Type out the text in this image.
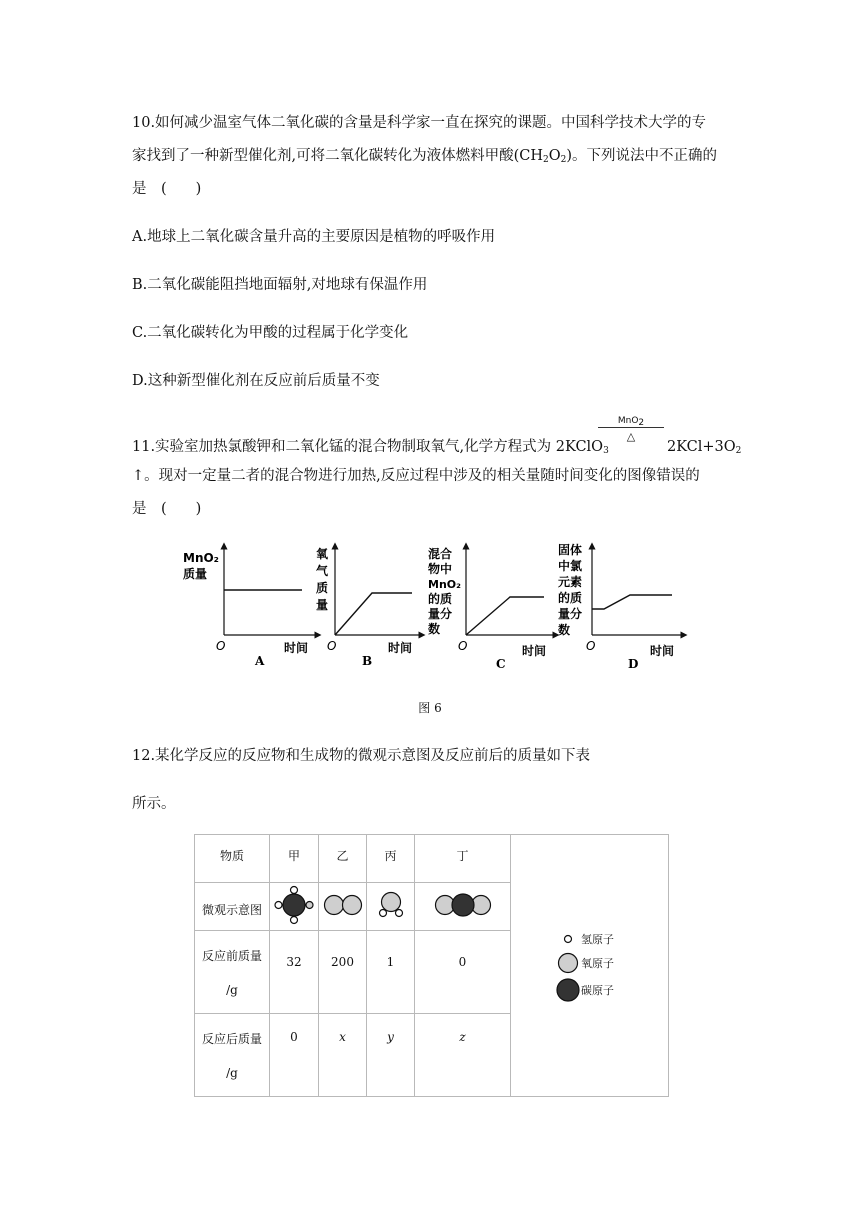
10.如何减少温室气体二氧化碳的含量是科学家一直在探究的课题。中国科学技术大学的专
家找到了一种新型催化剂,可将二氧化碳转化为液体燃料甲酸$(CH_2O_2)$。下列说法中不正确的
是　(　　)
A.地球上二氧化碳含量升高的主要原因是植物的呼吸作用
B.二氧化碳能阻挡地面辐射,对地球有保温作用
C.二氧化碳转化为甲酸的过程属于化学变化
D.这种新型催化剂在反应前后质量不变
11.实验室加热氯酸钾和二氧化锰的混合物制取氧气,化学方程式为 2KClO$_3$
MnO$_2$
△
$2KCl+3O_2$
↑。现对一定量二者的混合物进行加热,反应过程中涉及的相关量随时间变化的图像错误的
是　(　　)
MnO₂
质量
O	时间
A
氧
气
质
量
O	时间
B
混合
物中
MnO₂
的质
量分
数
O	时间
C
固体
中氯
元素
的质
量分
数
O	时间
D
图 6
12.某化学反应的反应物和生成物的微观示意图及反应前后的质量如下表
所示。
物质	甲	乙	丙	丁	
微观示意图				

反应前质量
/g	32	200	1	0	

反应后质量
/g	0	x	y	z	
氢原子
氧原子
碳原子
